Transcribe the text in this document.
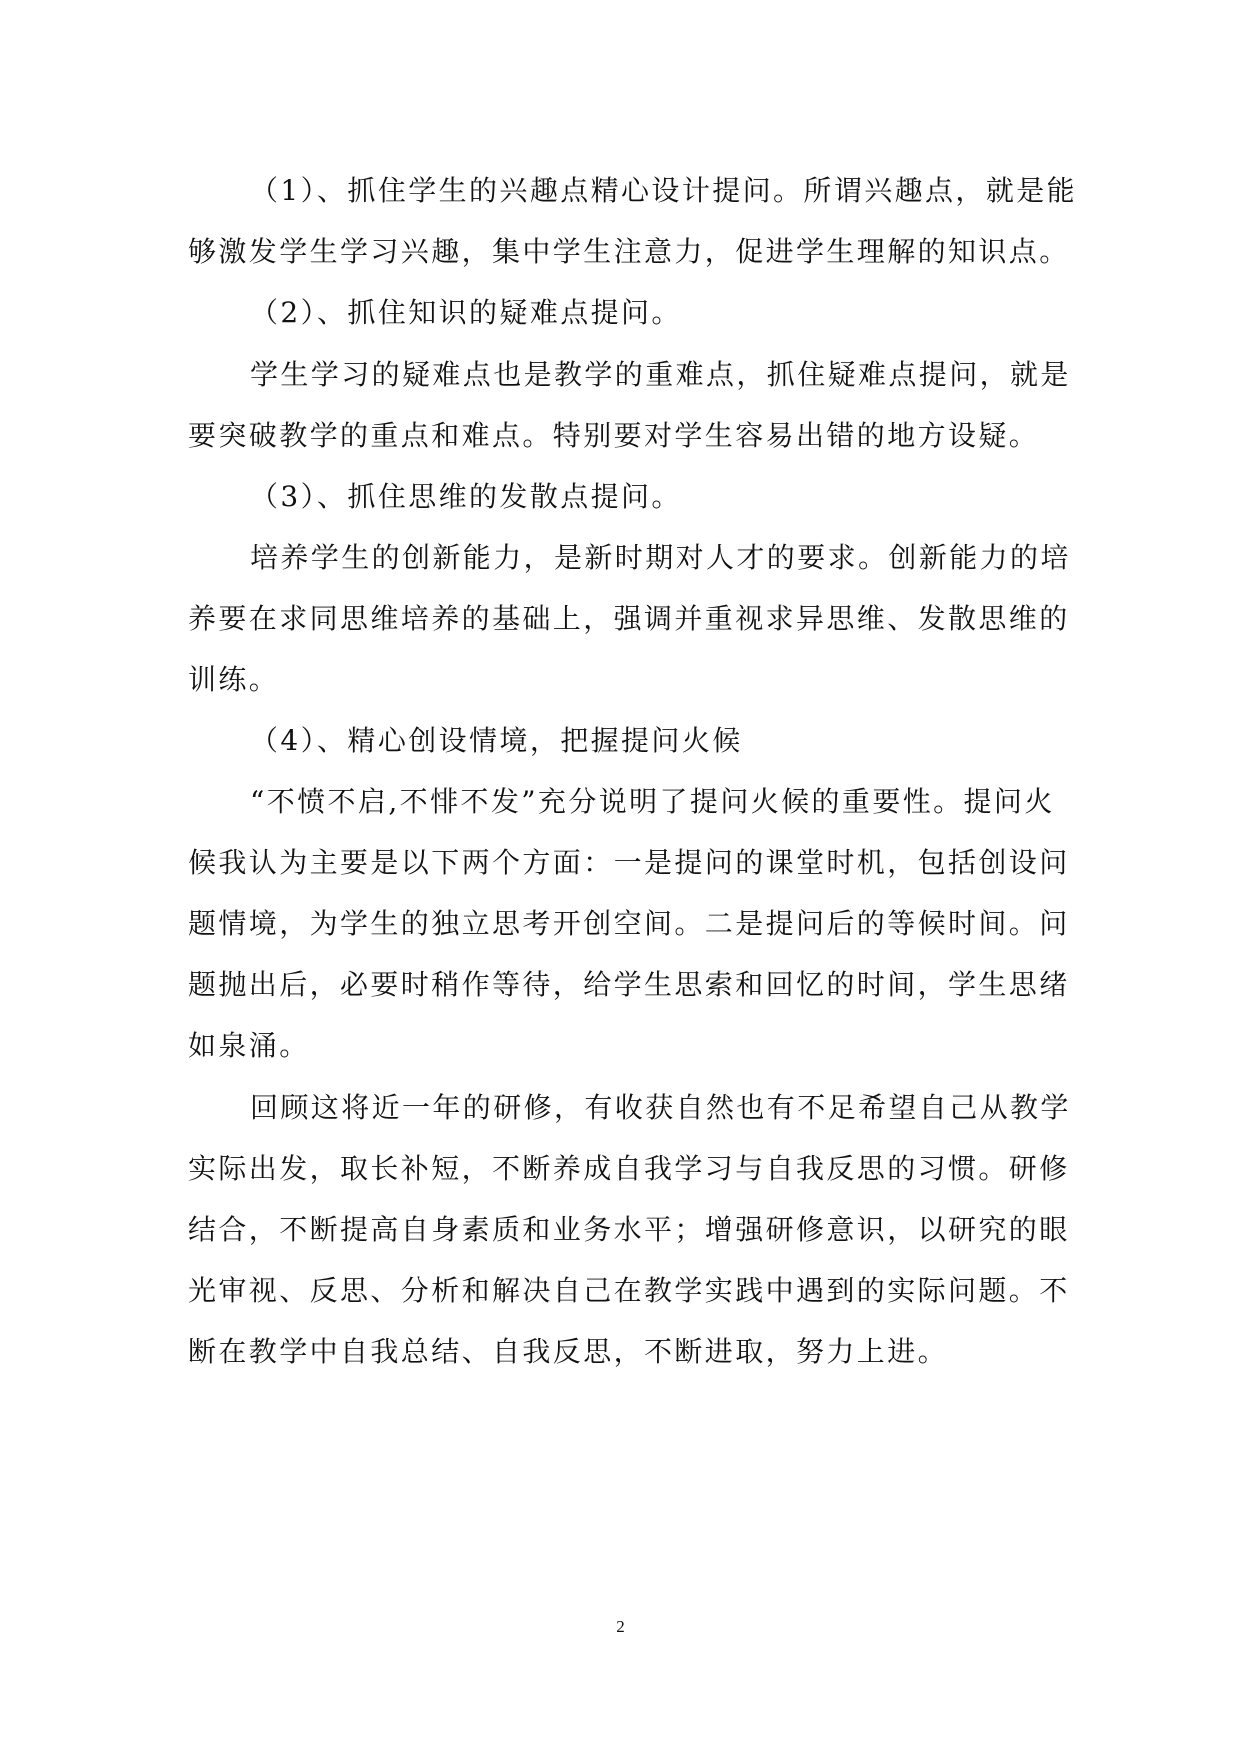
（1）、抓住学生的兴趣点精心设计提问。所谓兴趣点，就是能够激发学生学习兴趣，集中学生注意力，促进学生理解的知识点。

（2）、抓住知识的疑难点提问。

学生学习的疑难点也是教学的重难点，抓住疑难点提问，就是要突破教学的重点和难点。特别要对学生容易出错的地方设疑。

（3）、抓住思维的发散点提问。

培养学生的创新能力，是新时期对人才的要求。创新能力的培养要在求同思维培养的基础上，强调并重视求异思维、发散思维的训练。

（4）、精心创设情境，把握提问火候

“不愤不启,不悱不发”充分说明了提问火候的重要性。提问火候我认为主要是以下两个方面：一是提问的课堂时机，包括创设问题情境，为学生的独立思考开创空间。二是提问后的等候时间。问题抛出后，必要时稍作等待，给学生思索和回忆的时间，学生思绪如泉涌。

回顾这将近一年的研修，有收获自然也有不足希望自己从教学实际出发，取长补短，不断养成自我学习与自我反思的习惯。研修结合，不断提高自身素质和业务水平；增强研修意识，以研究的眼光审视、反思、分析和解决自己在教学实践中遇到的实际问题。不断在教学中自我总结、自我反思，不断进取，努力上进。

2
